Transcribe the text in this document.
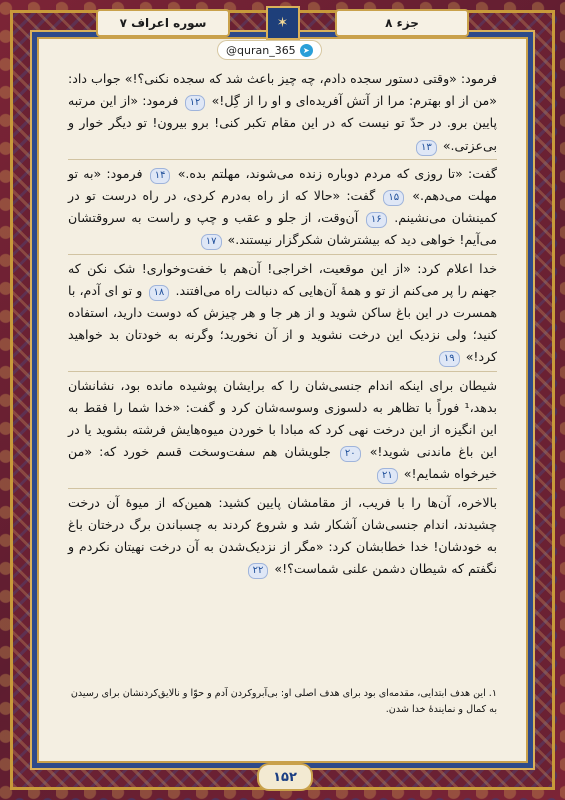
جزء ۸
✶
سوره اعراف ۷
➤
@quran_365

فرمود: «وقتی دستور سجده دادم، چه چیز باعث شد که سجده نکنی؟!» جواب داد: «من از او بهترم: مرا از آتش آفریده‌ای و او را از گِل!» ۱۲ فرمود: «از این مرتبه پایین برو. در حدّ تو نیست که در این مقام تکبر کنی! برو بیرون! تو دیگر خوار و بی‌عزتی.» ۱۳

گفت: «تا روزی که مردم دوباره زنده می‌شوند، مهلتم بده.» ۱۴ فرمود: «به تو مهلت می‌دهم.» ۱۵ گفت: «حالا که از راه به‌درم کردی، در راه درست تو در کمینشان می‌نشینم. ۱۶ آن‌وقت، از جلو و عقب و چپ و راست به سروقتشان می‌آیم! خواهی دید که بیشترشان شکرگزار نیستند.» ۱۷

خدا اعلام کرد: «از این موقعیت، اخراجی! آن‌هم با خفت‌وخواری! شک نکن که جهنم را پر می‌کنم از تو و همۀ آن‌هایی که دنبالت راه می‌افتند. ۱۸ و تو ای آدم، با همسرت در این باغ ساکن شوید و از هر جا و هر چیزش که دوست دارید، استفاده کنید؛ ولی نزدیک این درخت نشوید و از آن نخورید؛ وگرنه به خودتان بد خواهید کرد!» ۱۹

شیطان برای اینکه اندام جنسی‌شان را که برایشان پوشیده مانده بود، نشانشان بدهد،¹ فوراً با تظاهر به دلسوزی وسوسه‌شان کرد و گفت: «خدا شما را فقط به این انگیزه از این درخت نهی کرد که مبادا با خوردن میوه‌هایش فرشته بشوید یا در این باغ ماندنی شوید!» ۲۰ جلویشان هم سفت‌وسخت قسم خورد که: «من خیرخواه شمایم!» ۲۱

بالاخره، آن‌ها را با فریب، از مقامشان پایین کشید: همین‌که از میوۀ آن درخت چشیدند، اندام جنسی‌شان آشکار شد و شروع کردند به چسباندن برگ درختان باغ به خودشان! خدا خطابشان کرد: «مگر از نزدیک‌شدن به آن درخت نهیتان نکردم و نگفتم که شیطان دشمن علنی شماست؟!» ۲۲

۱. این هدف ابتدایی، مقدمه‌ای بود برای هدف اصلی او: بی‌آبروکردن آدم و حوّا و نالایق‌کردنشان برای رسیدن به کمال و نمایندۀ خدا شدن.
۱۵۲
